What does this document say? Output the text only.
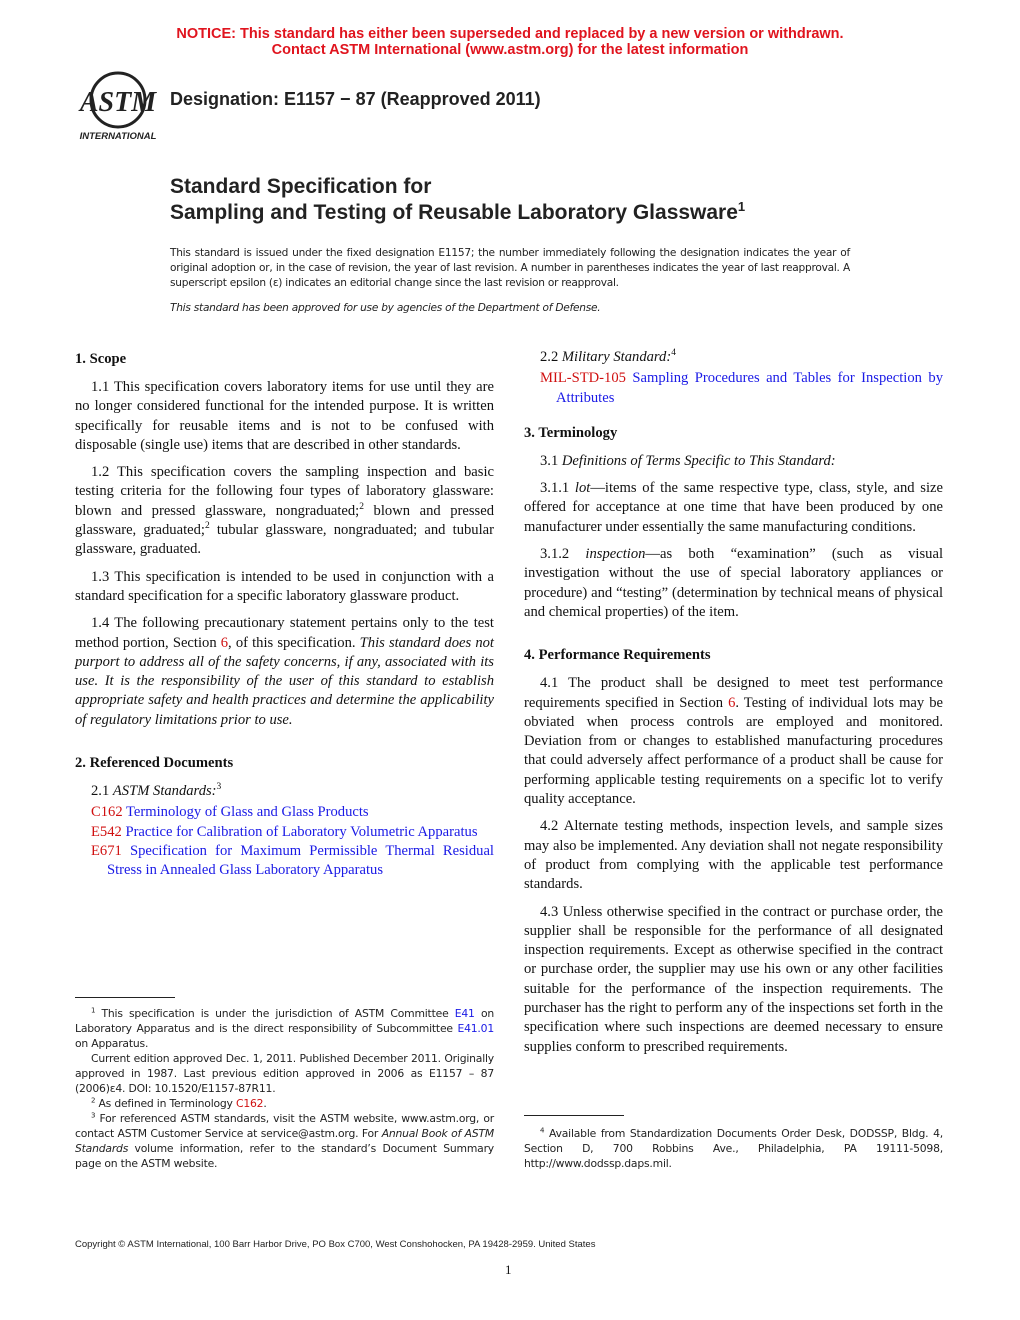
NOTICE: This standard has either been superseded and replaced by a new version or withdrawn.
Contact ASTM International (www.astm.org) for the latest information
ASTM
INTERNATIONAL
Designation: E1157 − 87 (Reapproved 2011)
Standard Specification for
Sampling and Testing of Reusable Laboratory Glassware$^1$

This standard is issued under the fixed designation E1157; the number immediately following the designation indicates the year of original adoption or, in the case of revision, the year of last revision. A number in parentheses indicates the year of last reapproval. A superscript epsilon (ε) indicates an editorial change since the last revision or reapproval.

This standard has been approved for use by agencies of the Department of Defense.

1. Scope

1.1 This specification covers laboratory items for use until they are no longer considered functional for the intended purpose. It is written specifically for reusable items and is not to be confused with disposable (single use) items that are described in other standards.

1.2 This specification covers the sampling inspection and basic testing criteria for the following four types of laboratory glassware: blown and pressed glassware, nongraduated;$^2$ blown and pressed glassware, graduated;$^2$ tubular glassware, nongraduated; and tubular glassware, graduated.

1.3 This specification is intended to be used in conjunction with a standard specification for a specific laboratory glassware product.

1.4 The following precautionary statement pertains only to the test method portion, Section 6, of this specification. This standard does not purport to address all of the safety concerns, if any, associated with its use. It is the responsibility of the user of this standard to establish appropriate safety and health practices and determine the applicability of regulatory limitations prior to use.

2. Referenced Documents

2.1 ASTM Standards:$^3$

C162 Terminology of Glass and Glass Products

E542 Practice for Calibration of Laboratory Volumetric Apparatus

E671 Specification for Maximum Permissible Thermal Residual Stress in Annealed Glass Laboratory Apparatus

2.2 Military Standard:$^4$

MIL-STD-105 Sampling Procedures and Tables for Inspection by Attributes

3. Terminology

3.1 Definitions of Terms Specific to This Standard:

3.1.1 lot—items of the same respective type, class, style, and size offered for acceptance at one time that have been produced by one manufacturer under essentially the same manufacturing conditions.

3.1.2 inspection—as both “examination” (such as visual investigation without the use of special laboratory appliances or procedure) and “testing” (determination by technical means of physical and chemical properties) of the item.

4. Performance Requirements

4.1 The product shall be designed to meet test performance requirements specified in Section 6. Testing of individual lots may be obviated when process controls are employed and monitored. Deviation from or changes to established manufacturing procedures that could adversely affect performance of a product shall be cause for performing applicable testing requirements on a specific lot to verify quality acceptance.

4.2 Alternate testing methods, inspection levels, and sample sizes may also be implemented. Any deviation shall not negate responsibility of product from complying with the applicable test performance standards.

4.3 Unless otherwise specified in the contract or purchase order, the supplier shall be responsible for the performance of all designated inspection requirements. Except as otherwise specified in the contract or purchase order, the supplier may use his own or any other facilities suitable for the performance of the inspection requirements. The purchaser has the right to perform any of the inspections set forth in the specification where such inspections are deemed necessary to ensure supplies conform to prescribed requirements.

$^1$ This specification is under the jurisdiction of ASTM Committee E41 on Laboratory Apparatus and is the direct responsibility of Subcommittee E41.01 on Apparatus.

Current edition approved Dec. 1, 2011. Published December 2011. Originally approved in 1987. Last previous edition approved in 2006 as E1157 – 87 (2006)ɛ4. DOI: 10.1520/E1157-87R11.

$^2$ As defined in Terminology C162.

$^3$ For referenced ASTM standards, visit the ASTM website, www.astm.org, or contact ASTM Customer Service at service@astm.org. For Annual Book of ASTM Standards volume information, refer to the standard’s Document Summary page on the ASTM website.

$^4$ Available from Standardization Documents Order Desk, DODSSP, Bldg. 4, Section D, 700 Robbins Ave., Philadelphia, PA 19111-5098, http://www.dodssp.daps.mil.

Copyright © ASTM International, 100 Barr Harbor Drive, PO Box C700, West Conshohocken, PA 19428-2959. United States
1
